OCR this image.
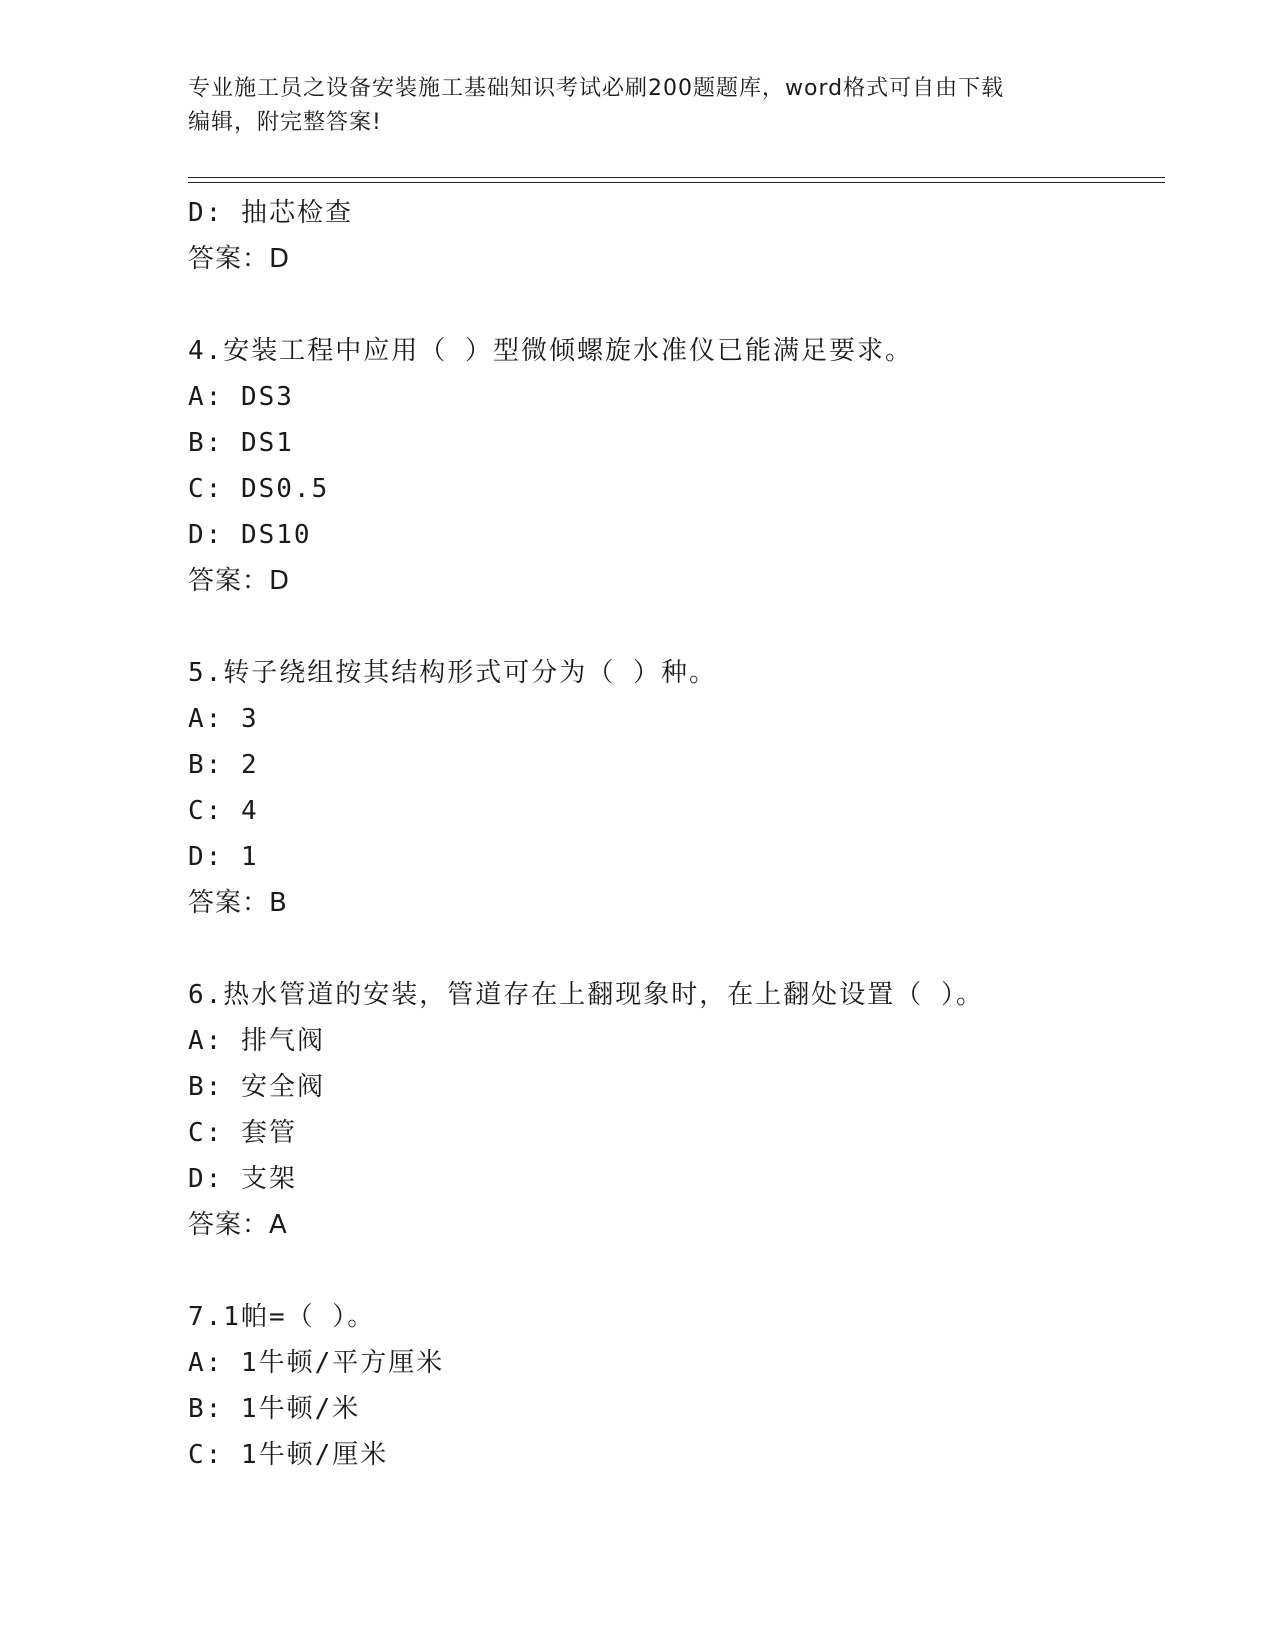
专业施工员之设备安装施工基础知识考试必刷200题题库，word格式可自由下载
编辑，附完整答案!
D: 抽芯检查
答案：D
4.安装工程中应用（ ）型微倾螺旋水准仪已能满足要求。
A: DS3
B: DS1
C: DS0.5
D: DS10
答案：D
5.转子绕组按其结构形式可分为（ ）种。
A: 3
B: 2
C: 4
D: 1
答案：B
6.热水管道的安装，管道存在上翻现象时，在上翻处设置（ ）。
A: 排气阀
B: 安全阀
C: 套管
D: 支架
答案：A
7.1帕=（ ）。
A: 1牛顿/平方厘米
B: 1牛顿/米
C: 1牛顿/厘米
